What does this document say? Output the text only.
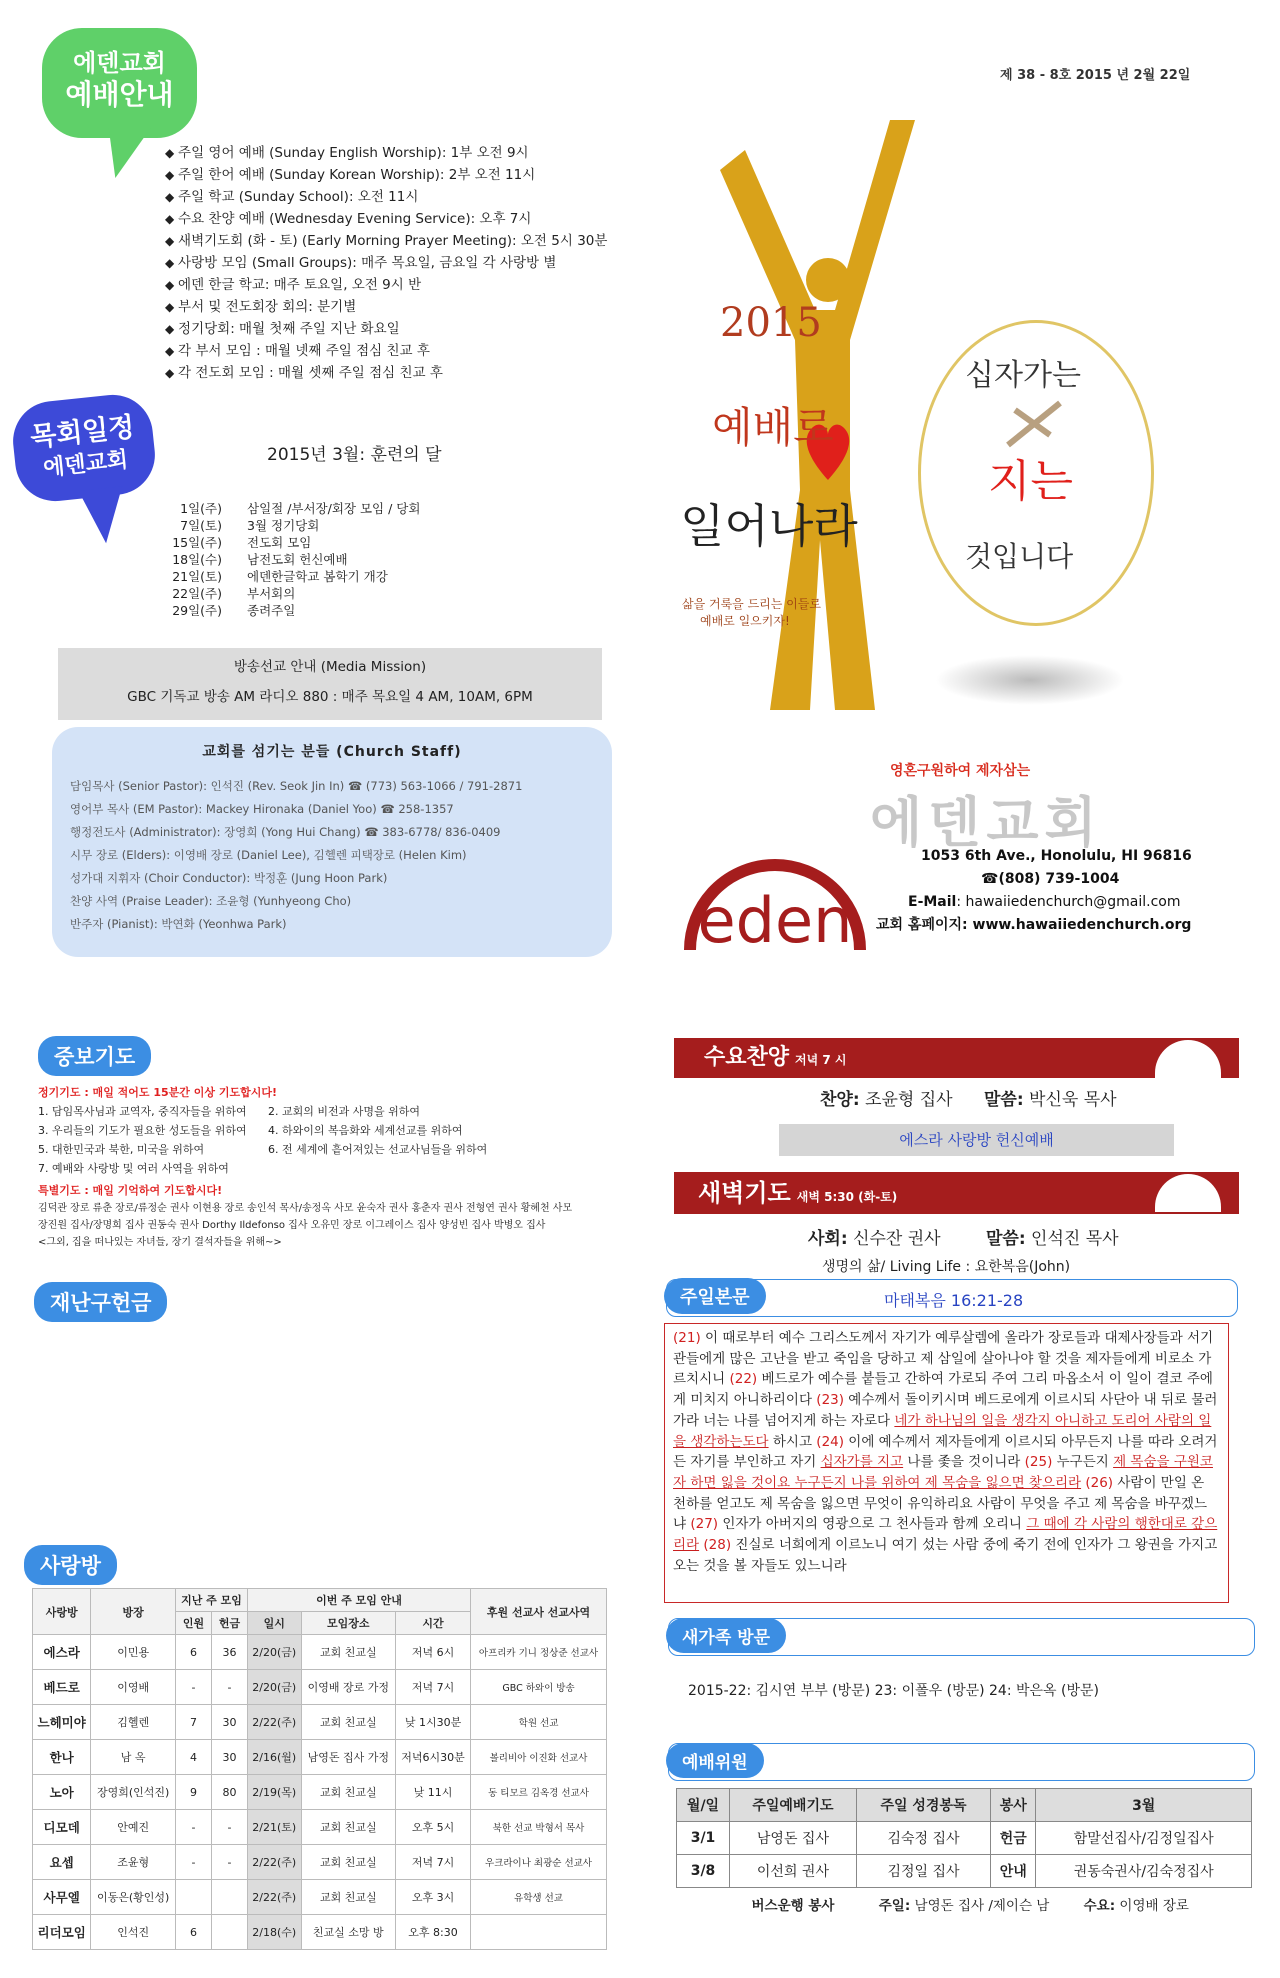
제 38 - 8호 2015 년 2월 22일
에덴교회
예배안내
◆ 주일 영어 예배 (Sunday English Worship): 1부 오전 9시
◆ 주일 한어 예배 (Sunday Korean Worship): 2부 오전 11시
◆ 주일 학교 (Sunday School): 오전 11시
◆ 수요 찬양 예배 (Wednesday Evening Service): 오후 7시
◆ 새벽기도회 (화 - 토) (Early Morning Prayer Meeting): 오전 5시 30분
◆ 사랑방 모임 (Small Groups): 매주 목요일, 금요일 각 사랑방 별
◆ 에덴 한글 학교: 매주 토요일, 오전 9시 반
◆ 부서 및 전도회장 회의: 분기별
◆ 정기당회: 매월 첫째 주일 지난 화요일
◆ 각 부서 모임 : 매월 넷째 주일 점심 친교 후
◆ 각 전도회 모임 : 매월 셋째 주일 점심 친교 후
목회일정
에덴교회	2015년 3월: 훈련의 달
1일(주) 삼일절 /부서장/회장 모임 / 당회
7일(토) 3월 정기당회
15일(주) 전도회 모임
18일(수) 남전도회 헌신예배
21일(토) 에덴한글학교 봄학기 개강
22일(주) 부서회의
29일(주) 종려주일
방송선교 안내 (Media Mission)
GBC 기독교 방송 AM 라디오 880 : 매주 목요일 4 AM, 10AM, 6PM
교회를 섬기는 분들 (Church Staff)
담임목사 (Senior Pastor): 인석진 (Rev. Seok Jin In) ☎ (773) 563-1066 / 791-2871
영어부 목사 (EM Pastor): Mackey Hironaka (Daniel Yoo) ☎ 258-1357
행정전도사 (Administrator): 장영희 (Yong Hui Chang) ☎ 383-6778/ 836-0409
시무 장로 (Elders): 이영배 장로 (Daniel Lee), 김헬렌 피택장로 (Helen Kim)
성가대 지휘자 (Choir Conductor): 박정훈 (Jung Hoon Park)
찬양 사역 (Praise Leader): 조윤형 (Yunhyeong Cho)
반주자 (Pianist): 박연화 (Yeonhwa Park)
2015
예배로
일어나라
삶을 거룩을 드리는 이들로
예배로 일으키자!
십자가는
지는
것입니다
eden
영혼구원하여 제자삼는
에덴교회
1053 6th Ave., Honolulu, HI 96816
☎(808) 739-1004
E-Mail: hawaiiedenchurch@gmail.com
교회 홈페이지: www.hawaiiedenchurch.org
중보기도
정기기도 : 매일 적어도 15분간 이상 기도합시다!
1. 담임목사님과 교역자, 중직자들을 위하여	2. 교회의 비전과 사명을 위하여
3. 우리들의 기도가 필요한 성도들을 위하여	4. 하와이의 복음화와 세계선교를 위하여
5. 대한민국과 북한, 미국을 위하여	6. 전 세계에 흩어져있는 선교사님들을 위하여
7. 예배와 사랑방 및 여러 사역을 위하여
특별기도 : 매일 기억하여 기도합시다!
김덕관 장로 류춘 장로/류정순 권사 이현용 장로 송인석 목사/송정옥 사모 윤숙자 권사 홍춘자 권사 전형연 권사 황혜천 사모
장진원 집사/장명희 집사 권동숙 권사 Dorthy Ildefonso 집사 오유민 장로 이그레이스 집사 양성빈 집사 박병오 집사
<그외, 집을 떠나있는 자녀들, 장기 결석자들을 위해~>
재난구헌금
사랑방
사랑방	방장	지난 주 모임		이번 주 모임 안내			후원 선교사 선교사역
		인원	헌금	일시	모임장소	시간	
에스라	이민용	6	36	2/20(금)	교회 친교실	저녁 6시	아프리카 기니 정상준 선교사
베드로	이영배	-	-	2/20(금)	이영배 장로 가정	저녁 7시	GBC 하와이 방송
느헤미야	김헬렌	7	30	2/22(주)	교회 친교실	낮 1시30분	학원 선교
한나	남 옥	4	30	2/16(월)	남영돈 집사 가정	저녁6시30분	볼리비아 이진화 선교사
노아	장영희(인석진)	9	80	2/19(목)	교회 친교실	낮 11시	동 티모르 김옥경 선교사
디모데	안예진	-	-	2/21(토)	교회 친교실	오후 5시	북한 선교 박형서 목사
요셉	조윤형	-	-	2/22(주)	교회 친교실	저녁 7시	우크라이나 최광순 선교사
사무엘	이동은(황인성)			2/22(주)	교회 친교실	오후 3시	유학생 선교
리더모임	인석진	6		2/18(수)	친교실 소망 방	오후 8:30	
수요찬양 저녁 7 시
찬양: 조윤형 집사 말씀: 박신욱 목사
에스라 사랑방 헌신예배
새벽기도 새벽 5:30 (화-토)
사회: 신수잔 권사	말씀: 인석진 목사
생명의 삶/ Living Life : 요한복음(John)
주일본문	마태복음 16:21-28
(21) 이 때로부터 예수 그리스도께서 자기가 예루살렘에 올라가 장로들과 대제사장들과 서기관들에게 많은 고난을 받고 죽임을 당하고 제 삼일에 살아나야 할 것을 제자들에게 비로소 가르치시니 (22) 베드로가 예수를 붙들고 간하여 가로되 주여 그리 마옵소서 이 일이 결코 주에게 미치지 아니하리이다 (23) 예수께서 돌이키시며 베드로에게 이르시되 사단아 내 뒤로 물러 가라 너는 나를 넘어지게 하는 자로다 네가 하나님의 일을 생각지 아니하고 도리어 사람의 일을 생각하는도다 하시고 (24) 이에 예수께서 제자들에게 이르시되 아무든지 나를 따라 오려거든 자기를 부인하고 자기 십자가를 지고 나를 좇을 것이니라 (25) 누구든지 제 목숨을 구원코자 하면 잃을 것이요 누구든지 나를 위하여 제 목숨을 잃으면 찾으리라 (26) 사람이 만일 온 천하를 얻고도 제 목숨을 잃으면 무엇이 유익하리요 사람이 무엇을 주고 제 목숨을 바꾸겠느냐 (27) 인자가 아버지의 영광으로 그 천사들과 함께 오리니 그 때에 각 사람의 행한대로 갚으리라 (28) 진실로 너희에게 이르노니 여기 섰는 사람 중에 죽기 전에 인자가 그 왕권을 가지고 오는 것을 볼 자들도 있느니라
새가족 방문
2015-22: 김시연 부부 (방문) 23: 이폴우 (방문) 24: 박은옥 (방문)
예배위원
월/일	주일예배기도	주일 성경봉독	봉사	3월
3/1	남영돈 집사	김숙정 집사	헌금	함말선집사/김정일집사
3/8	이선희 권사	김정일 집사	안내	권동숙권사/김숙정집사
버스운행 봉사 주일: 남영돈 집사 /제이슨 남 수요: 이영배 장로				
